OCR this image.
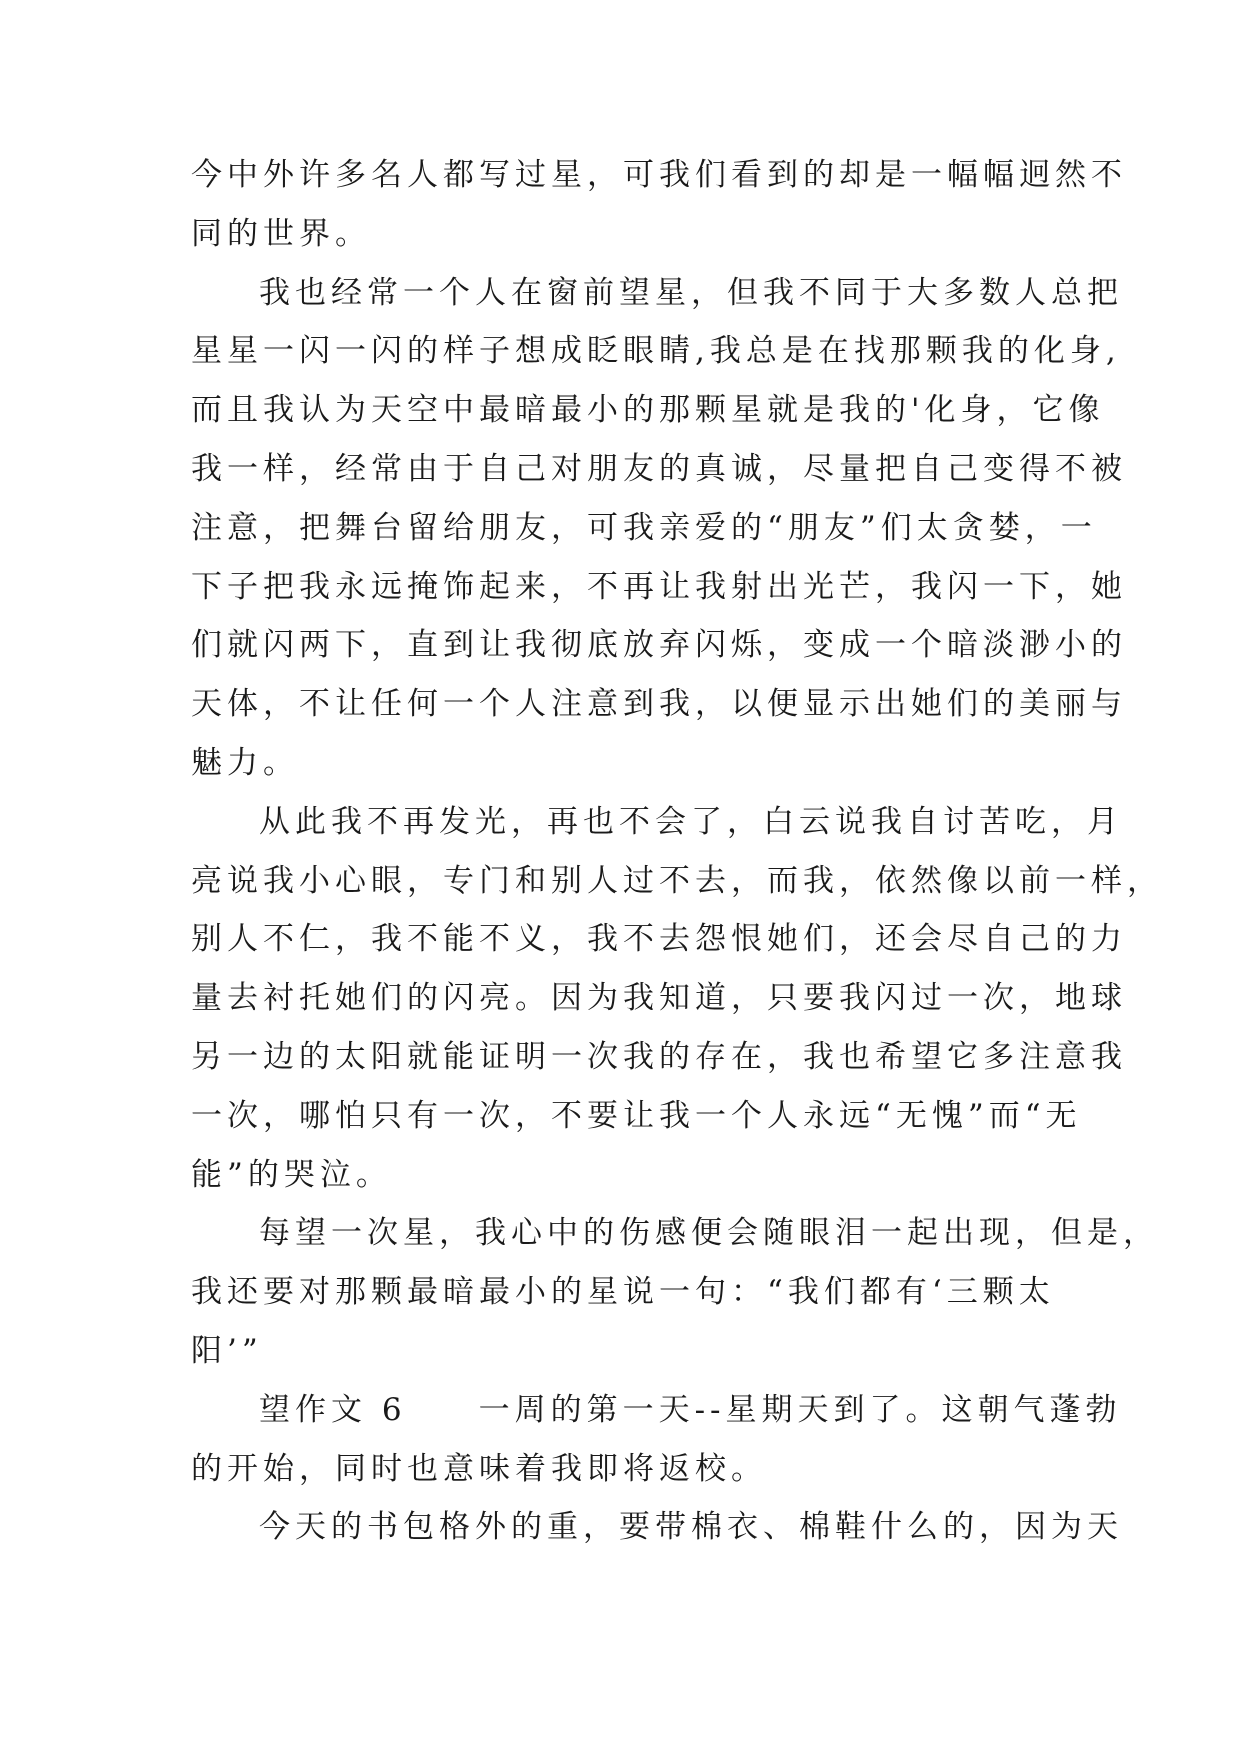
今中外许多名人都写过星，可我们看到的却是一幅幅迥然不
同的世界。
我也经常一个人在窗前望星，但我不同于大多数人总把
星星一闪一闪的样子想成眨眼睛,我总是在找那颗我的化身,
而且我认为天空中最暗最小的那颗星就是我的'化身，它像
我一样，经常由于自己对朋友的真诚，尽量把自己变得不被
注意，把舞台留给朋友，可我亲爱的“朋友”们太贪婪，一
下子把我永远掩饰起来，不再让我射出光芒，我闪一下，她
们就闪两下，直到让我彻底放弃闪烁，变成一个暗淡渺小的
天体，不让任何一个人注意到我，以便显示出她们的美丽与
魅力。
从此我不再发光，再也不会了，白云说我自讨苦吃，月
亮说我小心眼，专门和别人过不去，而我，依然像以前一样，
别人不仁，我不能不义，我不去怨恨她们，还会尽自己的力
量去衬托她们的闪亮。因为我知道，只要我闪过一次，地球
另一边的太阳就能证明一次我的存在，我也希望它多注意我
一次，哪怕只有一次，不要让我一个人永远“无愧”而“无
能”的哭泣。
每望一次星，我心中的伤感便会随眼泪一起出现，但是，
我还要对那颗最暗最小的星说一句：“我们都有‘三颗太
阳’”
望作文 6　　一周的第一天--星期天到了。这朝气蓬勃
的开始，同时也意味着我即将返校。
今天的书包格外的重，要带棉衣、棉鞋什么的，因为天
